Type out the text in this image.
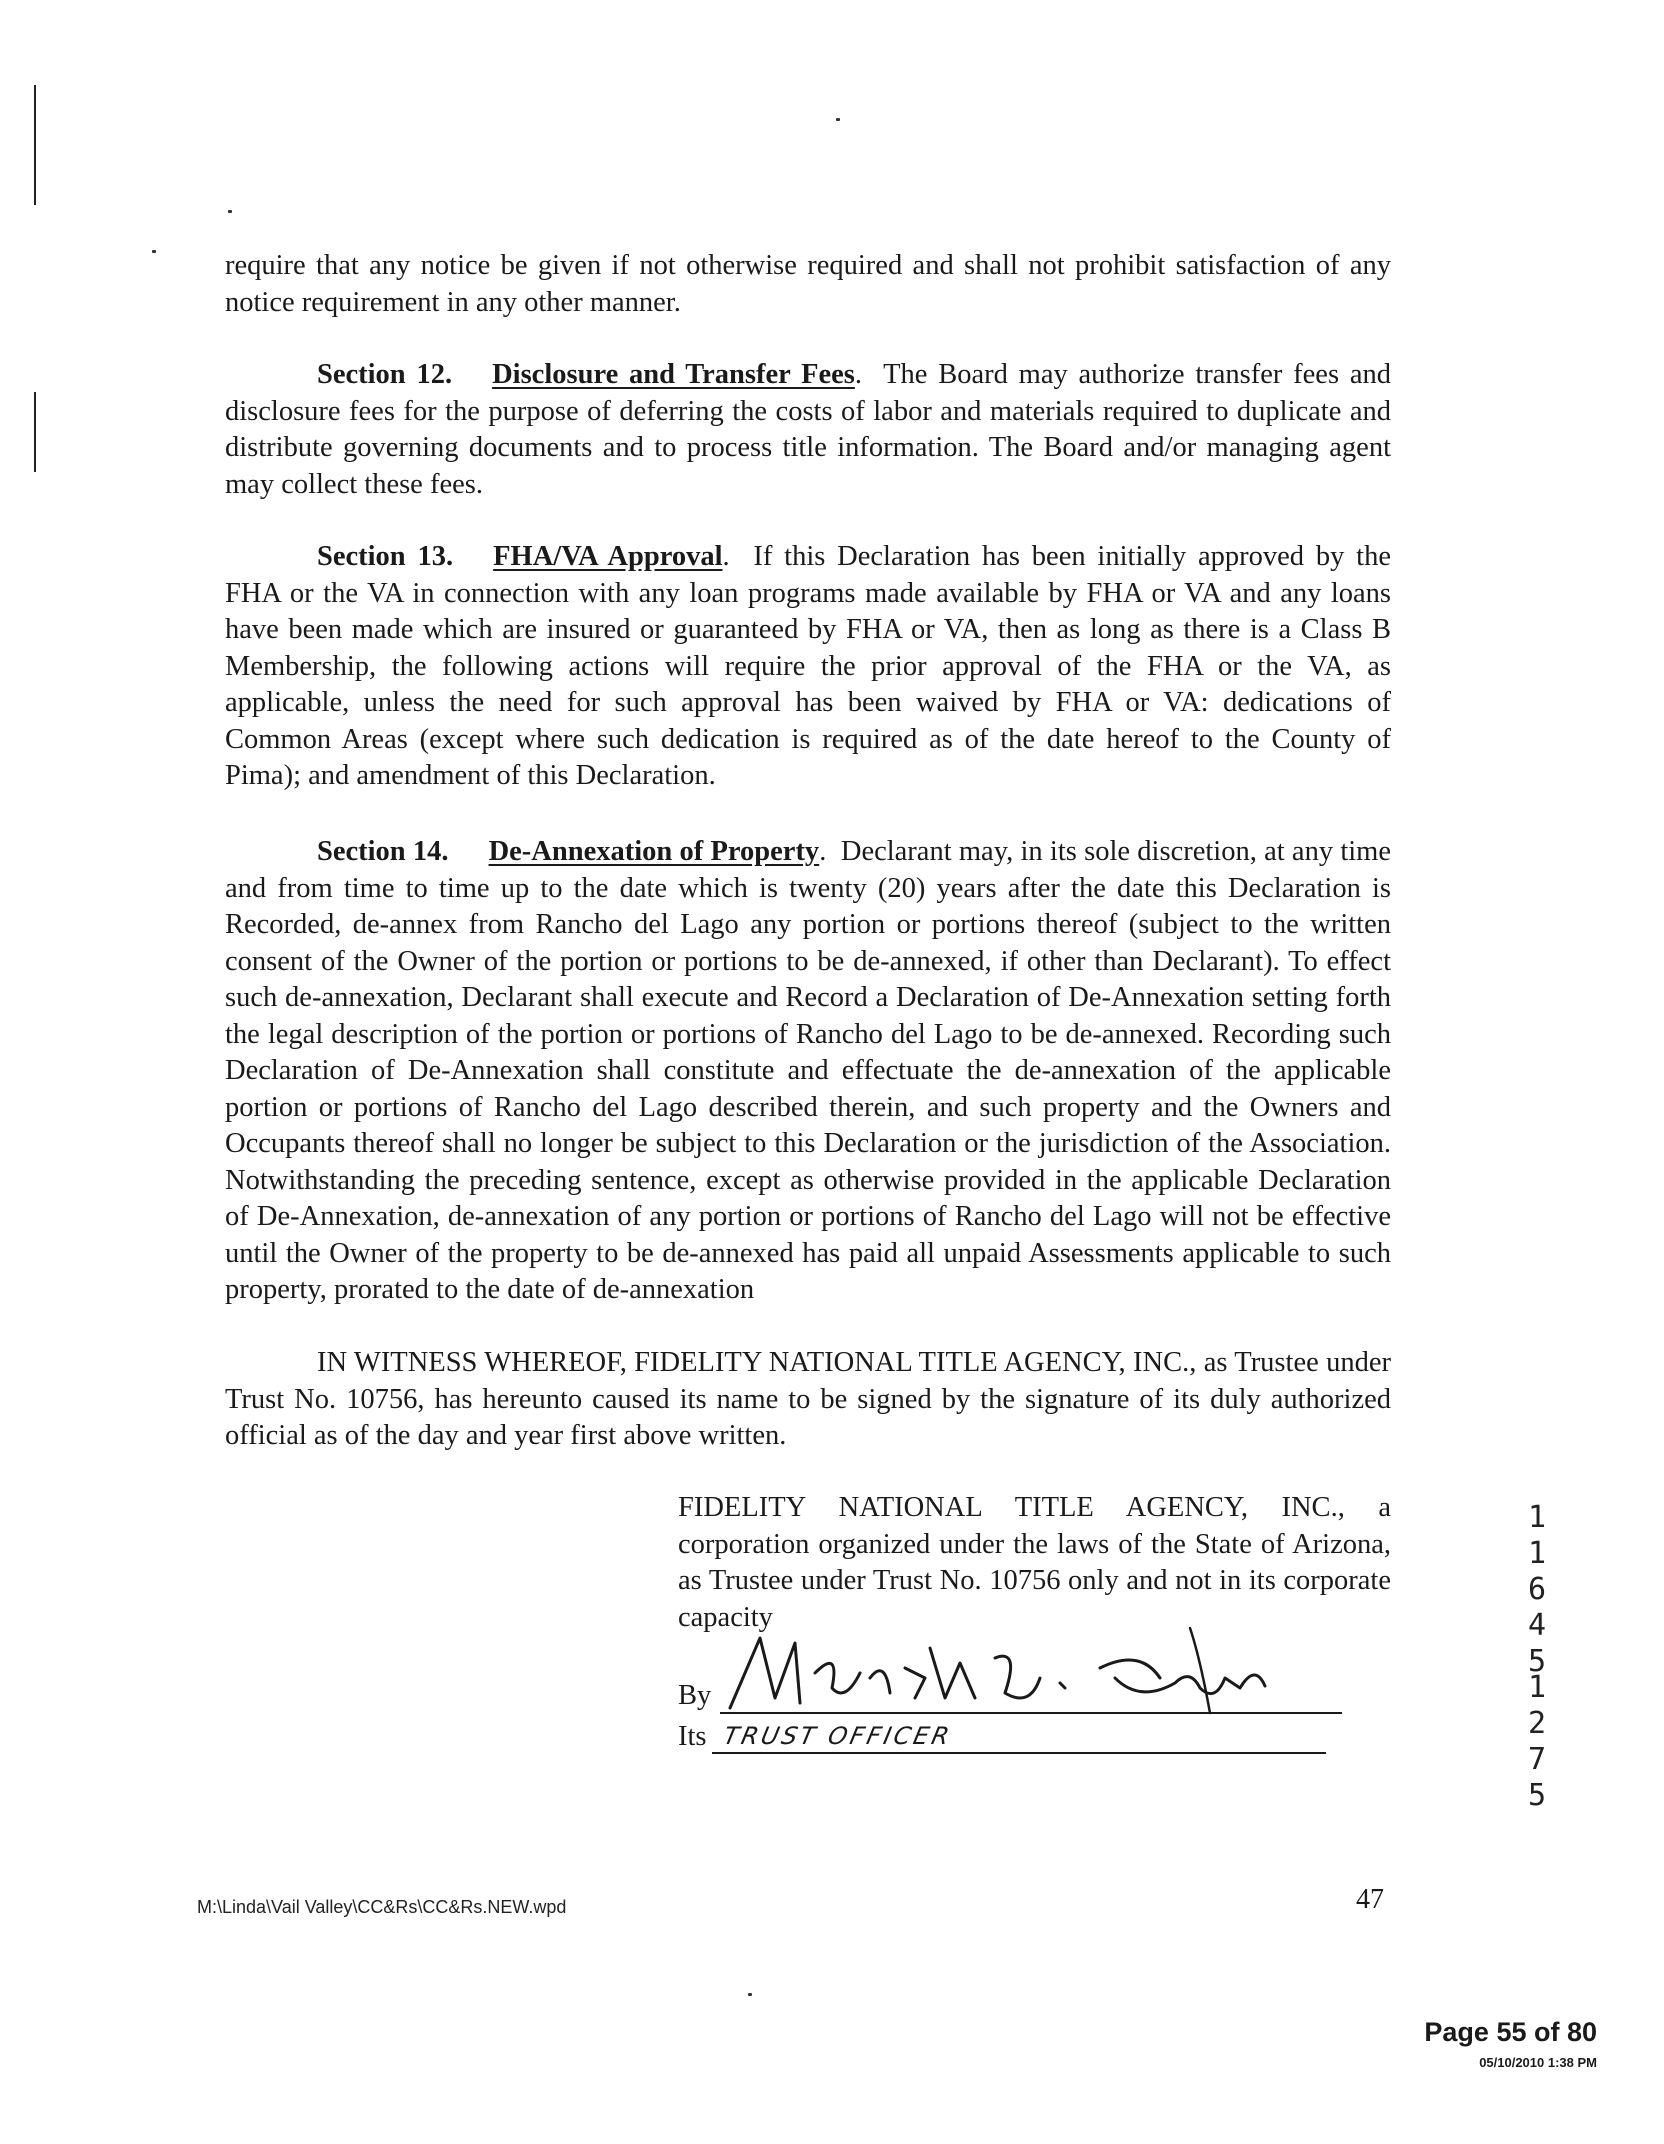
require that any notice be given if not otherwise required and shall not prohibit satisfaction of any notice requirement in any other manner.

Section 12. Disclosure and Transfer Fees.  The Board may authorize transfer fees and disclosure fees for the purpose of deferring the costs of labor and materials required to duplicate and distribute governing documents and to process title information. The Board and/or managing agent may collect these fees.

Section 13. FHA/VA Approval.  If this Declaration has been initially approved by the FHA or the VA in connection with any loan programs made available by FHA or VA and any loans have been made which are insured or guaranteed by FHA or VA, then as long as there is a Class B Membership, the following actions will require the prior approval of the FHA or the VA, as applicable, unless the need for such approval has been waived by FHA or VA: dedications of Common Areas (except where such dedication is required as of the date hereof to the County of Pima); and amendment of this Declaration.

Section 14. De-Annexation of Property.  Declarant may, in its sole discretion, at any time and from time to time up to the date which is twenty (20) years after the date this Declaration is Recorded, de-annex from Rancho del Lago any portion or portions thereof (subject to the written consent of the Owner of the portion or portions to be de-annexed, if other than Declarant). To effect such de-annexation, Declarant shall execute and Record a Declaration of De-Annexation setting forth the legal description of the portion or portions of Rancho del Lago to be de-annexed. Recording such Declaration of De-Annexation shall constitute and effectuate the de-annexation of the applicable portion or portions of Rancho del Lago described therein, and such property and the Owners and Occupants thereof shall no longer be subject to this Declaration or the jurisdiction of the Association. Notwithstanding the preceding sentence, except as otherwise provided in the applicable Declaration of De-Annexation, de-annexation of any portion or portions of Rancho del Lago will not be effective until the Owner of the property to be de-annexed has paid all unpaid Assessments applicable to such property, prorated to the date of de-annexation

IN WITNESS WHEREOF, FIDELITY NATIONAL TITLE AGENCY, INC., as Trustee under Trust No. 10756, has hereunto caused its name to be signed by the signature of its duly authorized official as of the day and year first above written.

FIDELITY NATIONAL TITLE AGENCY, INC., a corporation organized under the laws of the State of Arizona, as Trustee under Trust No. 10756 only and not in its corporate capacity

By
Its TRUST OFFICER
1
1
6
4
5
1
2
7
5
M:\Linda\Vail Valley\CC&Rs\CC&Rs.NEW.wpd	47
Page 55 of 80
05/10/2010 1:38 PM
